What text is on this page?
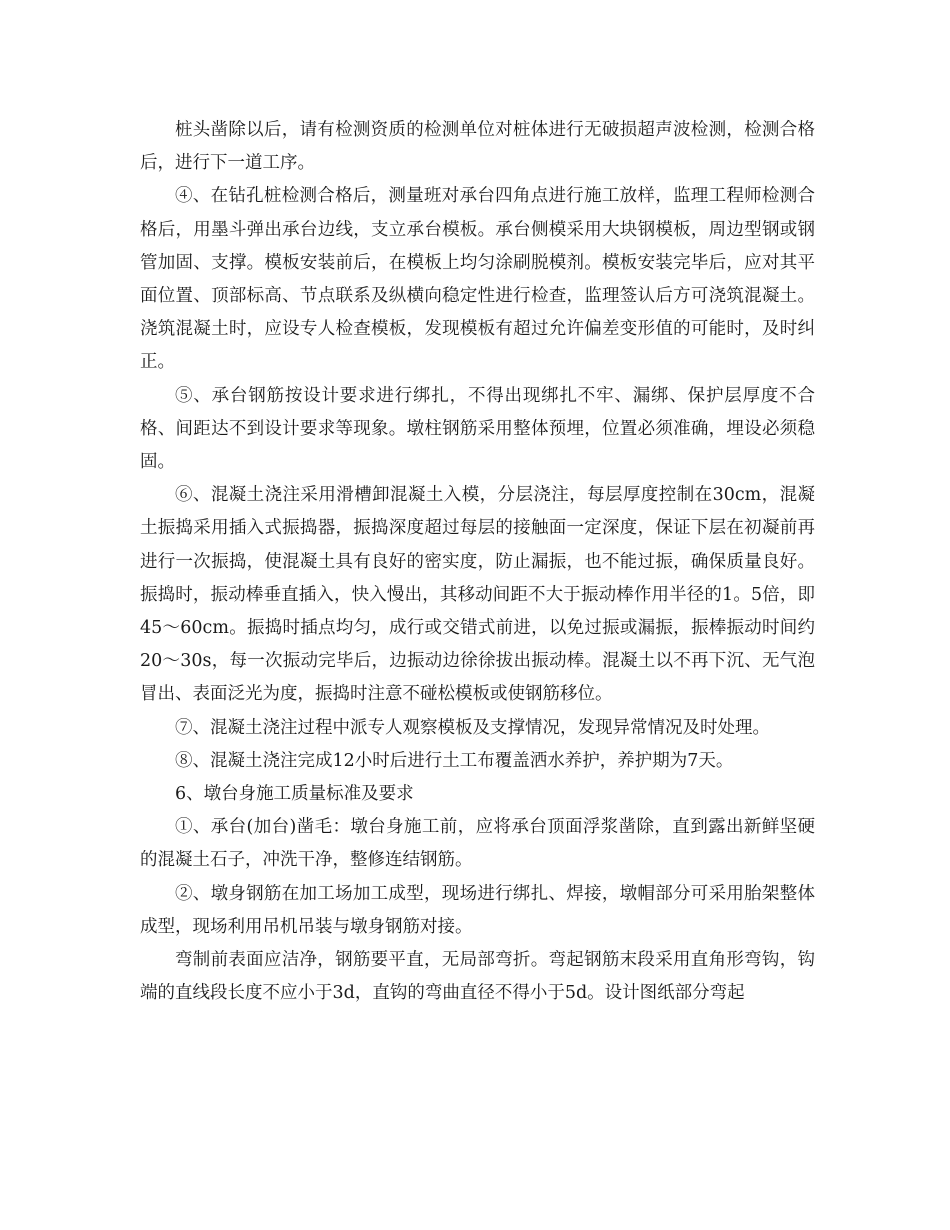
桩头凿除以后，请有检测资质的检测单位对桩体进行无破损超声波检测，检测合格后，进行下一道工序。

④、在钻孔桩检测合格后，测量班对承台四角点进行施工放样，监理工程师检测合格后，用墨斗弹出承台边线，支立承台模板。承台侧模采用大块钢模板，周边型钢或钢管加固、支撑。模板安装前后，在模板上均匀涂刷脱模剂。模板安装完毕后，应对其平面位置、顶部标高、节点联系及纵横向稳定性进行检查，监理签认后方可浇筑混凝土。浇筑混凝土时，应设专人检查模板，发现模板有超过允许偏差变形值的可能时，及时纠正。

⑤、承台钢筋按设计要求进行绑扎，不得出现绑扎不牢、漏绑、保护层厚度不合格、间距达不到设计要求等现象。墩柱钢筋采用整体预埋，位置必须准确，埋设必须稳固。

⑥、混凝土浇注采用滑槽卸混凝土入模，分层浇注，每层厚度控制在30cm，混凝土振捣采用插入式振捣器，振捣深度超过每层的接触面一定深度，保证下层在初凝前再进行一次振捣，使混凝土具有良好的密实度，防止漏振，也不能过振，确保质量良好。振捣时，振动棒垂直插入，快入慢出，其移动间距不大于振动棒作用半径的1。5倍，即45～60cm。振捣时插点均匀，成行或交错式前进，以免过振或漏振，振棒振动时间约20～30s，每一次振动完毕后，边振动边徐徐拔出振动棒。混凝土以不再下沉、无气泡冒出、表面泛光为度，振捣时注意不碰松模板或使钢筋移位。

⑦、混凝土浇注过程中派专人观察模板及支撑情况，发现异常情况及时处理。

⑧、混凝土浇注完成12小时后进行土工布覆盖洒水养护，养护期为7天。

6、墩台身施工质量标准及要求

①、承台(加台)凿毛：墩台身施工前，应将承台顶面浮浆凿除，直到露出新鲜坚硬的混凝土石子，冲洗干净，整修连结钢筋。

②、墩身钢筋在加工场加工成型，现场进行绑扎、焊接，墩帽部分可采用胎架整体成型，现场利用吊机吊装与墩身钢筋对接。

弯制前表面应洁净，钢筋要平直，无局部弯折。弯起钢筋末段采用直角形弯钩，钩端的直线段长度不应小于3d，直钩的弯曲直径不得小于5d。设计图纸部分弯起
